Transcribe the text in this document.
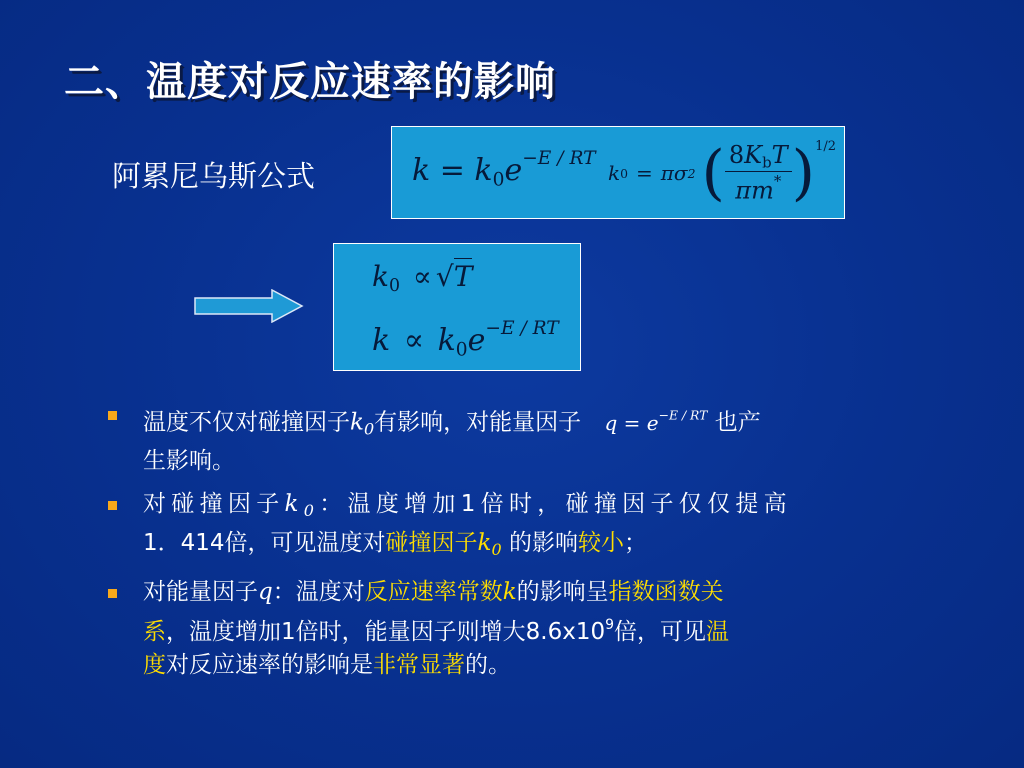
二、温度对反应速率的影响
阿累尼乌斯公式	$k = k_0e^{-E / RT}$
k 0 = πσ 2 ( $\frac{8K_bT}{\pi m^*}$ ) 1/2
$k_0 \propto √T$
$k \propto k_0e^{-E / RT}$
温度不仅对碰撞因子$k_0$有影响，对能量因子 $q = e^{-E / RT}$ 也产
生影响。
对碰撞因子$k_0$：温度增加1倍时，碰撞因子仅仅提高
1．414倍，可见温度对碰撞因子$k_0$ 的影响较小；
对能量因子q：温度对反应速率常数k的影响呈指数函数关
系，温度增加1倍时，能量因子则增大$8.6x10^9$倍，可见温
度对反应速率的影响是非常显著的。
